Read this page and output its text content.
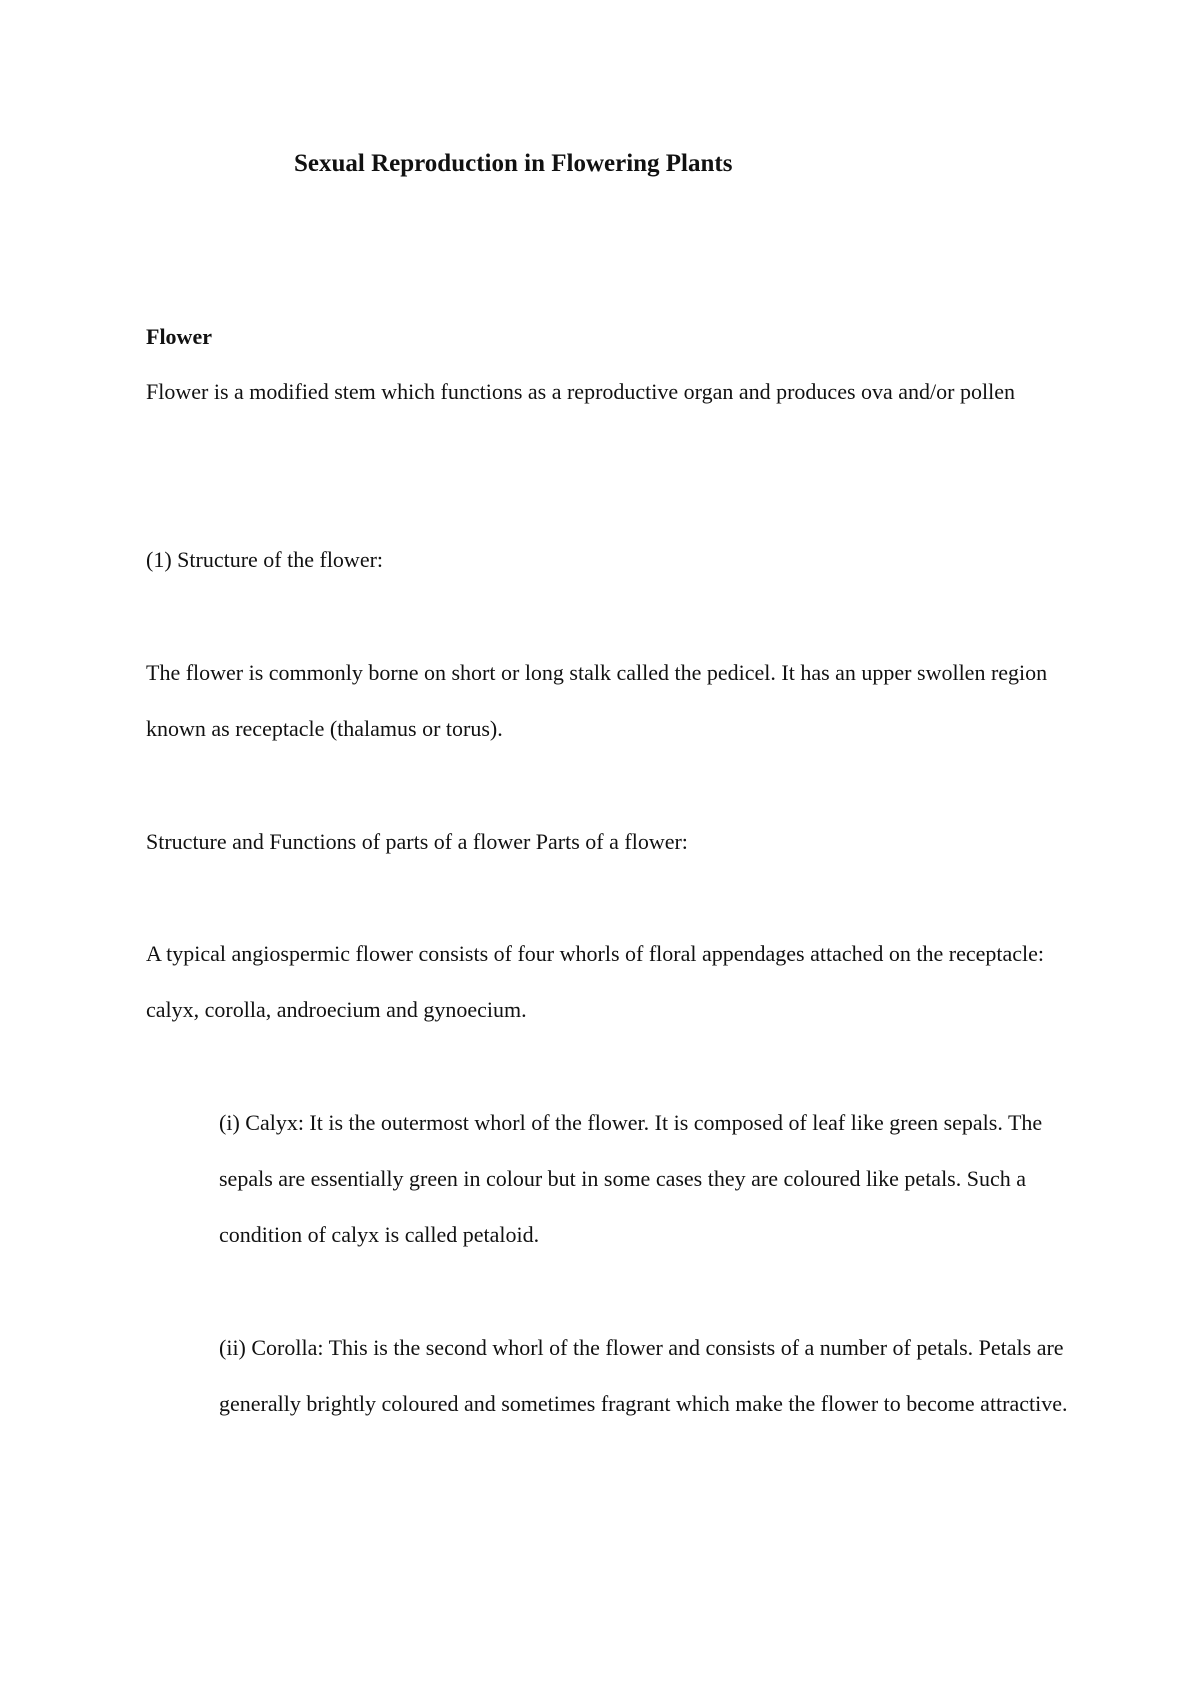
Sexual Reproduction in Flowering Plants
Flower

Flower is a modified stem which functions as a reproductive organ and produces ova and/or pollen

(1) Structure of the flower:

The flower is commonly borne on short or long stalk called the pedicel. It has an upper swollen region known as receptacle (thalamus or torus).

Structure and Functions of parts of a flower Parts of a flower:

A typical angiospermic flower consists of four whorls of floral appendages attached on the receptacle: calyx, corolla, androecium and gynoecium.

(i) Calyx: It is the outermost whorl of the flower. It is composed of leaf like green sepals. The sepals are essentially green in colour but in some cases they are coloured like petals. Such a condition of calyx is called petaloid.

(ii) Corolla: This is the second whorl of the flower and consists of a number of petals. Petals are generally brightly coloured and sometimes fragrant which make the flower to become attractive.
